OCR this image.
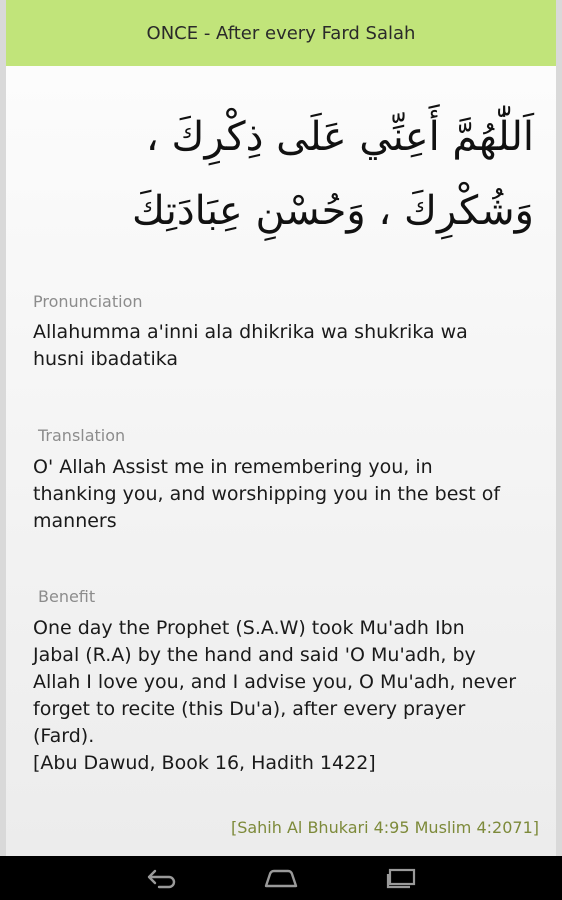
ONCE - After every Fard Salah
اَللّٰهُمَّ أَعِنِّي عَلَى ذِكْرِكَ ،
وَشُكْرِكَ ، وَحُسْنِ عِبَادَتِكَ
Pronunciation
Allahumma a'inni ala dhikrika wa shukrika wa
husni ibadatika
Translation
O' Allah Assist me in remembering you, in
thanking you, and worshipping you in the best of
manners
Benefit
One day the Prophet (S.A.W) took Mu'adh Ibn
Jabal (R.A) by the hand and said 'O Mu'adh, by
Allah I love you, and I advise you, O Mu'adh, never
forget to recite (this Du'a), after every prayer
(Fard).
[Abu Dawud, Book 16, Hadith 1422]
[Sahih Al Bhukari 4:95 Muslim 4:2071]
